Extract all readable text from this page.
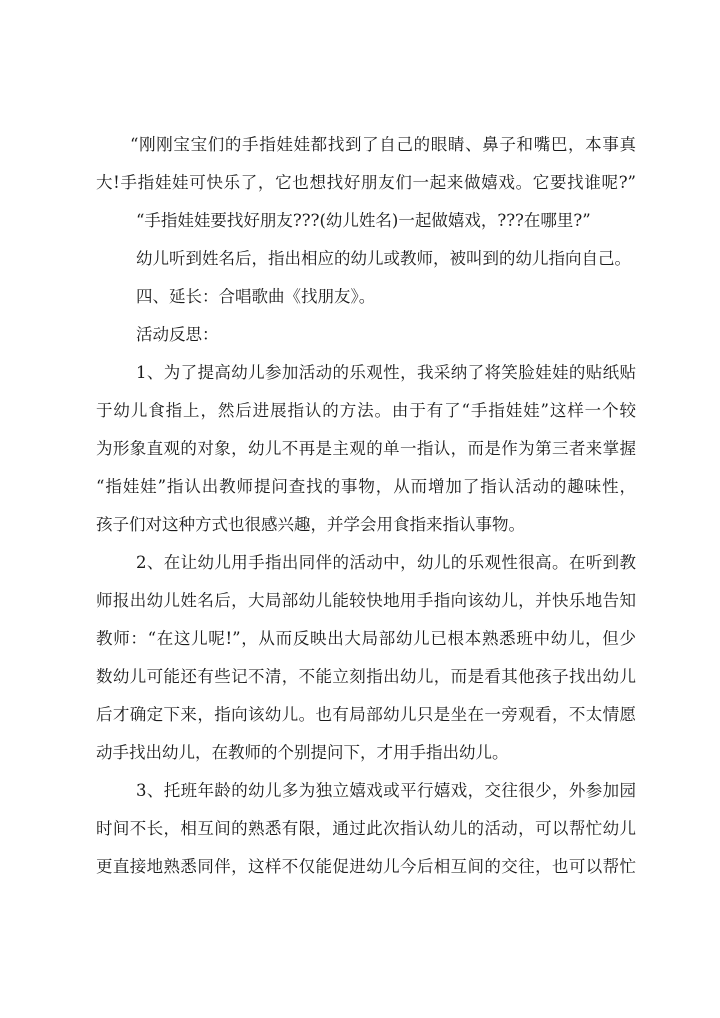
“刚刚宝宝们的手指娃娃都找到了自己的眼睛、鼻子和嘴巴，本事真
大!手指娃娃可快乐了，它也想找好朋友们一起来做嬉戏。它要找谁呢?”
“手指娃娃要找好朋友???(幼儿姓名)一起做嬉戏，???在哪里?”
幼儿听到姓名后，指出相应的幼儿或教师，被叫到的幼儿指向自己。
四、延长：合唱歌曲《找朋友》。
活动反思：
1、为了提高幼儿参加活动的乐观性，我采纳了将笑脸娃娃的贴纸贴
于幼儿食指上，然后进展指认的方法。由于有了“手指娃娃”这样一个较
为形象直观的对象，幼儿不再是主观的单一指认，而是作为第三者来掌握
“指娃娃”指认出教师提问查找的事物，从而增加了指认活动的趣味性，
孩子们对这种方式也很感兴趣，并学会用食指来指认事物。
2、在让幼儿用手指出同伴的活动中，幼儿的乐观性很高。在听到教
师报出幼儿姓名后，大局部幼儿能较快地用手指向该幼儿，并快乐地告知
教师：“在这儿呢!”，从而反映出大局部幼儿已根本熟悉班中幼儿，但少
数幼儿可能还有些记不清，不能立刻指出幼儿，而是看其他孩子找出幼儿
后才确定下来，指向该幼儿。也有局部幼儿只是坐在一旁观看，不太情愿
动手找出幼儿，在教师的个别提问下，才用手指出幼儿。
3、托班年龄的幼儿多为独立嬉戏或平行嬉戏，交往很少，外参加园
时间不长，相互间的熟悉有限，通过此次指认幼儿的活动，可以帮忙幼儿
更直接地熟悉同伴，这样不仅能促进幼儿今后相互间的交往，也可以帮忙
